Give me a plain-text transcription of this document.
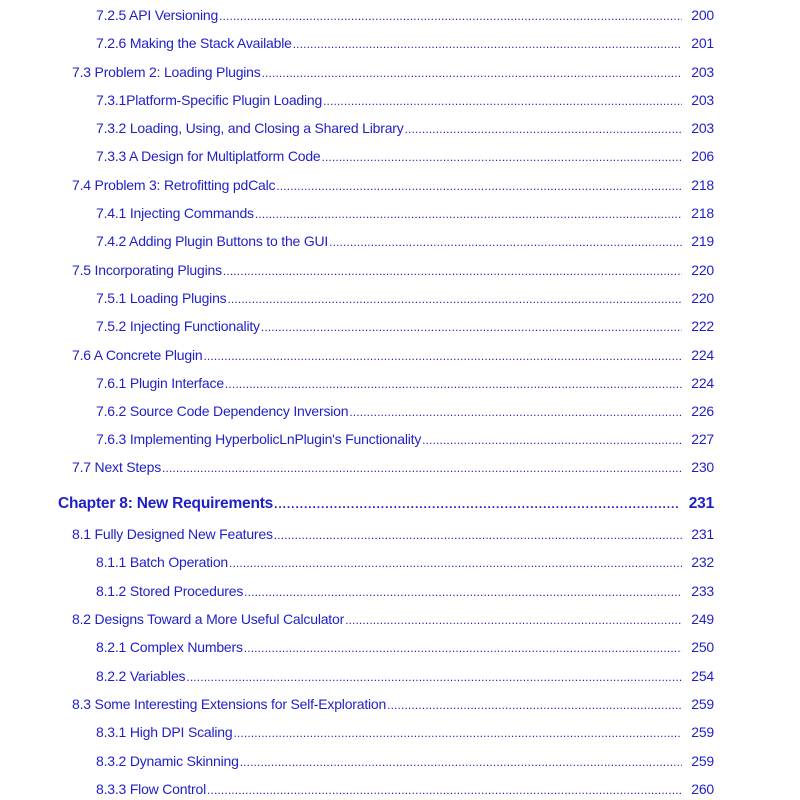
7.2.5 API Versioning . . .	200
7.2.6 Making the Stack Available . . .	201
7.3 Problem 2: Loading Plugins . . .	203
7.3.1Platform-Specific Plugin Loading . . .	203
7.3.2 Loading, Using, and Closing a Shared Library . . .	203
7.3.3 A Design for Multiplatform Code . . .	206
7.4 Problem 3: Retrofitting pdCalc . . .	218
7.4.1 Injecting Commands . . .	218
7.4.2 Adding Plugin Buttons to the GUI . . .	219
7.5 Incorporating Plugins . . .	220
7.5.1 Loading Plugins . . .	220
7.5.2 Injecting Functionality . . .	222
7.6 A Concrete Plugin . . .	224
7.6.1 Plugin Interface . . .	224
7.6.2 Source Code Dependency Inversion . . .	226
7.6.3 Implementing HyperbolicLnPlugin's Functionality . . .	227
7.7 Next Steps . . .	230
Chapter 8: New Requirements . . .	231
8.1 Fully Designed New Features . . .	231
8.1.1 Batch Operation . . .	232
8.1.2 Stored Procedures . . .	233
8.2 Designs Toward a More Useful Calculator . . .	249
8.2.1 Complex Numbers . . .	250
8.2.2 Variables . . .	254
8.3 Some Interesting Extensions for Self-Exploration . . .	259
8.3.1 High DPI Scaling . . .	259
8.3.2 Dynamic Skinning . . .	259
8.3.3 Flow Control . . .	260
